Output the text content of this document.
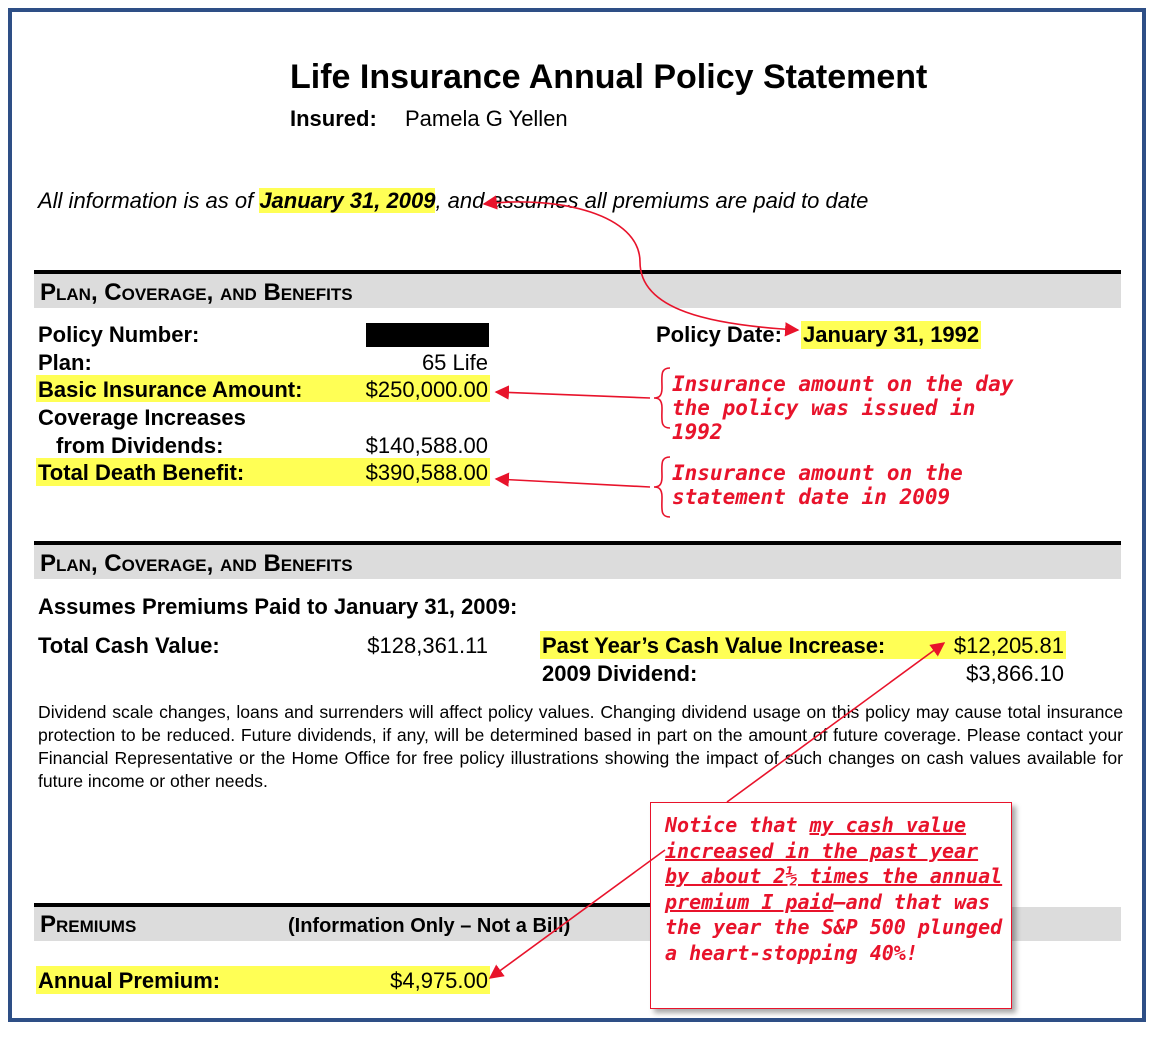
Life Insurance Annual Policy Statement
Insured: Pamela G Yellen
All information is as of January 31, 2009, and assumes all premiums are paid to date
Plan, Coverage, and Benefits
Policy Number:	Policy Date: January 31, 1992
Plan:	65 Life
Basic Insurance Amount:	$250,000.00
Coverage Increases
from Dividends:	$140,588.00
Total Death Benefit:	$390,588.00
Plan, Coverage, and Benefits
Assumes Premiums Paid to January 31, 2009:
Total Cash Value:	$128,361.11 Past Year’s Cash Value Increase:	$12,205.81
2009 Dividend:	$3,866.10
Dividend scale changes, loans and surrenders will affect policy values. Changing dividend usage on this policy may cause total insurance protection to be reduced. Future dividends, if any, will be determined based in part on the amount of future coverage. Please contact your Financial Representative or the Home Office for free policy illustrations showing the impact of such changes on cash values available for future income or other needs.
Premiums	(Information Only – Not a Bill)
Annual Premium:	$4,975.00
Insurance amount on the day
the policy was issued in 1992
Insurance amount on the
statement date in 2009
Notice that my cash value increased in the past year by about 2½ times the annual premium I paid—and that was the year the S&P 500 plunged a heart-stopping 40%!
